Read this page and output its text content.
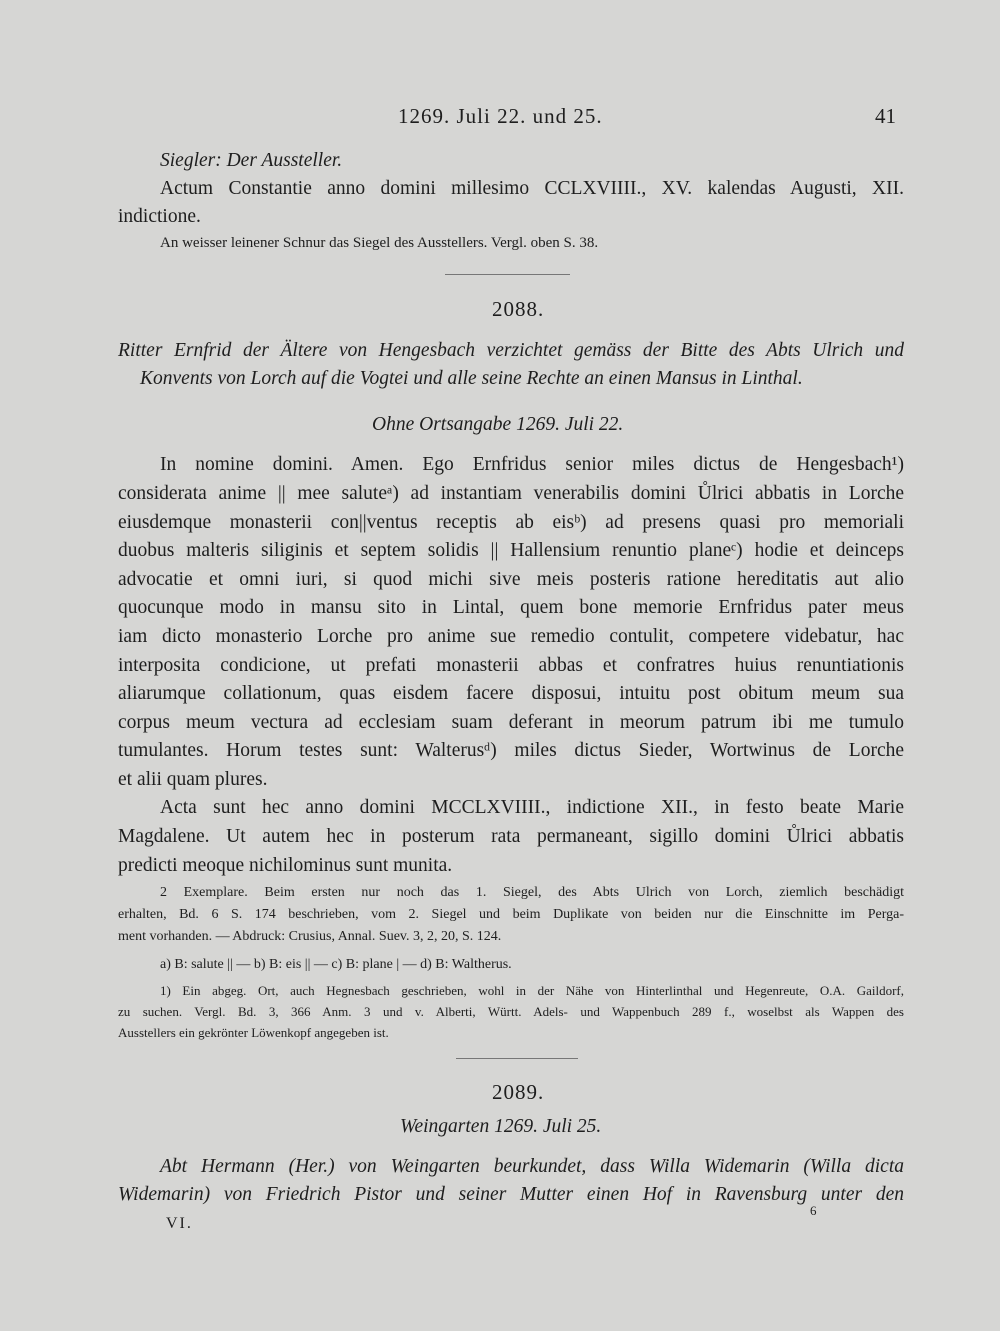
1269. Juli 22. und 25.	41
Siegler: Der Aussteller.
Actum Constantie anno domini millesimo CCLXVIIII., XV. kalendas Augusti, XII.
indictione.
An weisser leinener Schnur das Siegel des Ausstellers. Vergl. oben S. 38.
2088.
Ritter Ernfrid der Ältere von Hengesbach verzichtet gemäss der Bitte des Abts Ulrich und
Konvents von Lorch auf die Vogtei und alle seine Rechte an einen Mansus in Linthal.
Ohne Ortsangabe 1269. Juli 22.
In nomine domini. Amen. Ego Ernfridus senior miles dictus de Hengesbach¹)
considerata anime || mee saluteᵃ) ad instantiam venerabilis domini Ůlrici abbatis in Lorche
eiusdemque monasterii con||ventus receptis ab eisᵇ) ad presens quasi pro memoriali
duobus malteris siliginis et septem solidis || Hallensium renuntio planeᶜ) hodie et deinceps
advocatie et omni iuri, si quod michi sive meis posteris ratione hereditatis aut alio
quocunque modo in mansu sito in Lintal, quem bone memorie Ernfridus pater meus
iam dicto monasterio Lorche pro anime sue remedio contulit, competere videbatur, hac
interposita condicione, ut prefati monasterii abbas et confratres huius renuntiationis
aliarumque collationum, quas eisdem facere disposui, intuitu post obitum meum sua
corpus meum vectura ad ecclesiam suam deferant in meorum patrum ibi me tumulo
tumulantes. Horum testes sunt: Walterusᵈ) miles dictus Sieder, Wortwinus de Lorche
et alii quam plures.
Acta sunt hec anno domini MCCLXVIIII., indictione XII., in festo beate Marie
Magdalene. Ut autem hec in posterum rata permaneant, sigillo domini Ůlrici abbatis
predicti meoque nichilominus sunt munita.
2 Exemplare. Beim ersten nur noch das 1. Siegel, des Abts Ulrich von Lorch, ziemlich beschädigt
erhalten, Bd. 6 S. 174 beschrieben, vom 2. Siegel und beim Duplikate von beiden nur die Einschnitte im Perga-
ment vorhanden. — Abdruck: Crusius, Annal. Suev. 3, 2, 20, S. 124.
a) B: salute || — b) B: eis || — c) B: plane | — d) B: Waltherus.
1) Ein abgeg. Ort, auch Hegnesbach geschrieben, wohl in der Nähe von Hinterlinthal und Hegenreute, O.A. Gaildorf,
zu suchen. Vergl. Bd. 3, 366 Anm. 3 und v. Alberti, Württ. Adels- und Wappenbuch 289 f., woselbst als Wappen des
Ausstellers ein gekrönter Löwenkopf angegeben ist.
2089.
Weingarten 1269. Juli 25.
Abt Hermann (Her.) von Weingarten beurkundet, dass Willa Widemarin (Willa dicta
Widemarin) von Friedrich Pistor und seiner Mutter einen Hof in Ravensburg unter den
VI.
6
